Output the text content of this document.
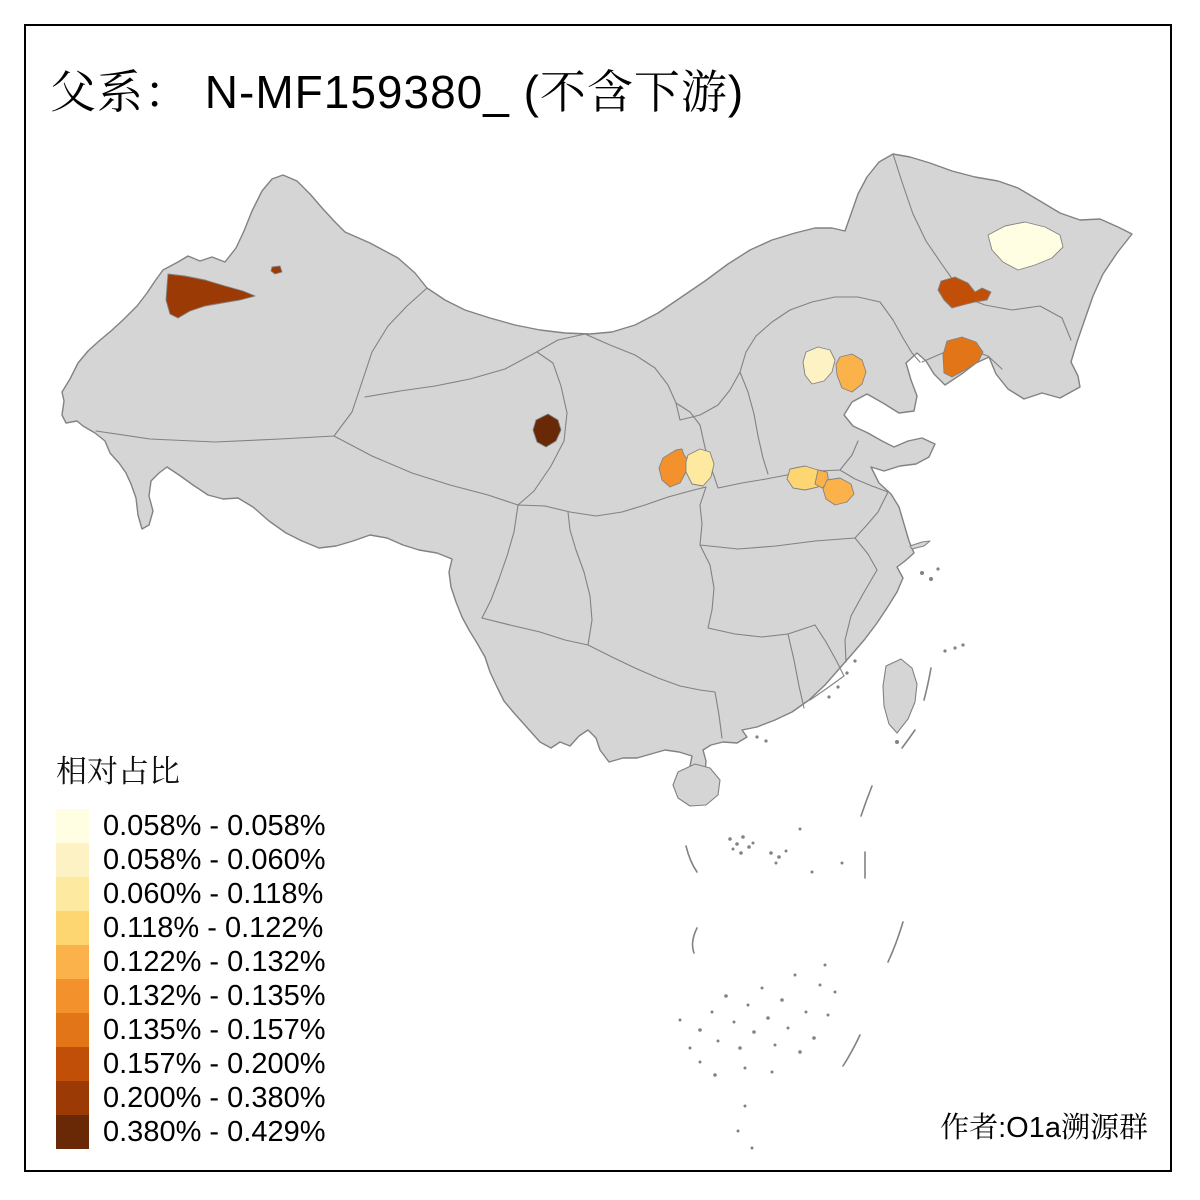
父系： N-MF159380_ (不含下游)
相对占比
0.058% - 0.058%
0.058% - 0.060%
0.060% - 0.118%
0.118% - 0.122%
0.122% - 0.132%
0.132% - 0.135%
0.135% - 0.157%
0.157% - 0.200%
0.200% - 0.380%
0.380% - 0.429%	作者:O1a溯源群
